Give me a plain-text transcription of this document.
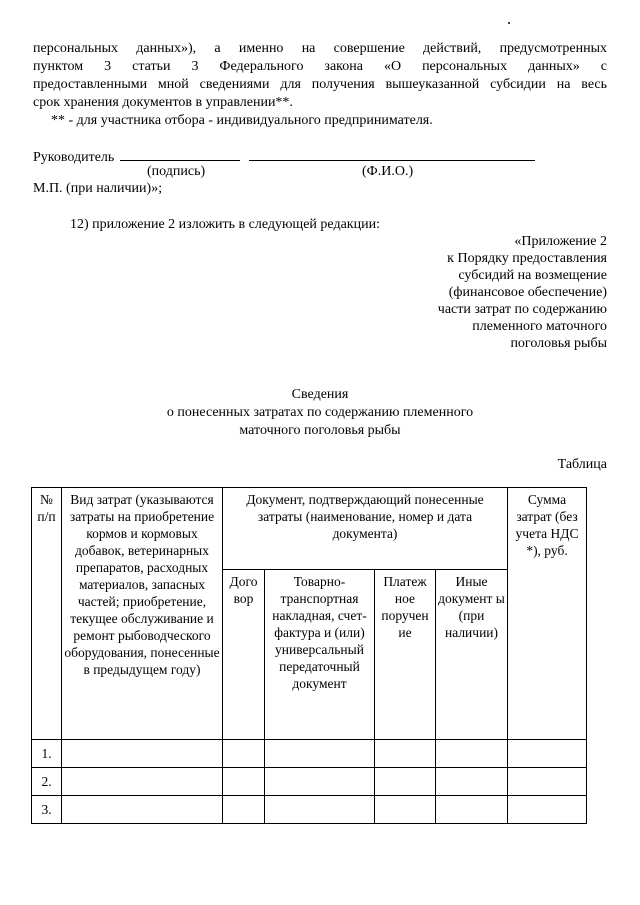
персональных данных»), а именно на совершение действий, предусмотренных
пунктом 3 статьи 3 Федерального закона «О персональных данных» с
предоставленными мной сведениями для получения вышеуказанной субсидии на весь
срок хранения документов в управлении**.
** - для участника отбора - индивидуального предпринимателя.
Руководитель
(подпись)	(Ф.И.О.)
М.П. (при наличии)»;
12) приложение 2 изложить в следующей редакции:
«Приложение 2
к Порядку предоставления
субсидий на возмещение
(финансовое обеспечение)
части затрат по содержанию
племенного маточного
поголовья рыбы
Сведения
о понесенных затратах по содержанию племенного
маточного поголовья рыбы
Таблица
№ п/п	Вид затрат (указываются затраты на приобретение кормов и кормовых добавок, ветеринарных препаратов, расходных материалов, запасных частей; приобретение, текущее обслуживание и ремонт рыбоводческого оборудования, понесенные в предыдущем году)	Документ, подтверждающий понесенные затраты (наименование, номер и дата документа)				Сумма затрат (без учета НДС *), руб.
		Дого вор	Товарно-транспортная накладная, счет-фактура и (или) универсальный передаточный документ	Платеж ное поручен ие	Иные документ ы (при наличии)	
1.						
2.						
3.						
